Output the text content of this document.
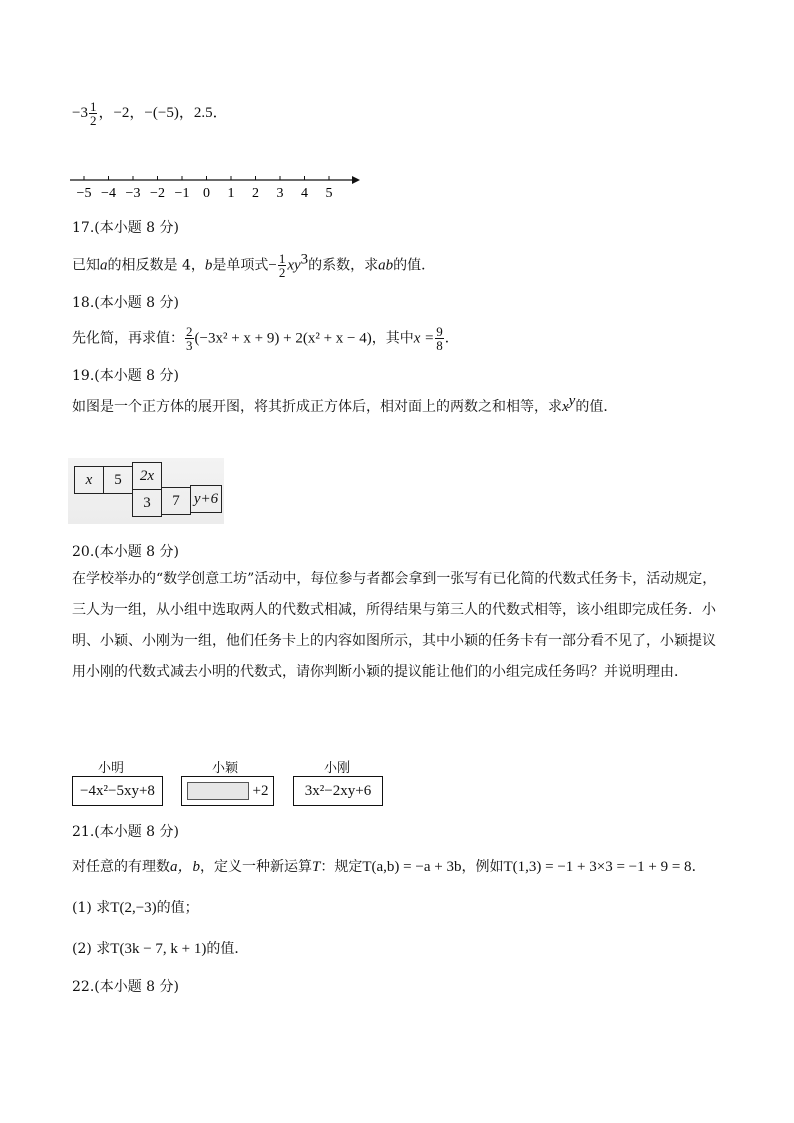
$-3 \frac{1}{2}$ ，−2，−(−5)，2.5．
−5 −4 −3 −2 −1 0 1 2 3 4 5
17.(本小题 8 分)
已知a的相反数是 4，b是单项式− $\frac{1}{2} xy^3$的系数，求ab的值．
18.(本小题 8 分)
先化简，再求值： $\frac{2}{3} (-3x^2 + x + 9) + 2(x^2 + x - 4)$，其中$x = \frac{9}{8}$ ．
19.(本小题 8 分)
如图是一个正方体的展开图，将其折成正方体后，相对面上的两数之和相等，求$x^y$的值．
x	5	2x
3	7 y+6
20.(本小题 8 分)
在学校举办的“数学创意工坊”活动中，每位参与者都会拿到一张写有已化简的代数式任务卡，活动规定，三人为一组，从小组中选取两人的代数式相减，所得结果与第三人的代数式相等，该小组即完成任务．小明、小颖、小刚为一组，他们任务卡上的内容如图所示，其中小颖的任务卡有一部分看不见了，小颖提议用小刚的代数式减去小明的代数式，请你判断小颖的提议能让他们的小组完成任务吗？并说明理由．
小明
−4x²−5xy+8
小颖
+2
小刚
3x²−2xy+6
21.(本小题 8 分)
对任意的有理数a，b，定义一种新运算T：规定T(a,b) = −a + 3b，例如T(1,3) = −1 + 3×3 = −1 + 9 = 8．
(1) 求T(2,−3)的值；
(2) 求T(3k − 7, k + 1)的值．
22.(本小题 8 分)
